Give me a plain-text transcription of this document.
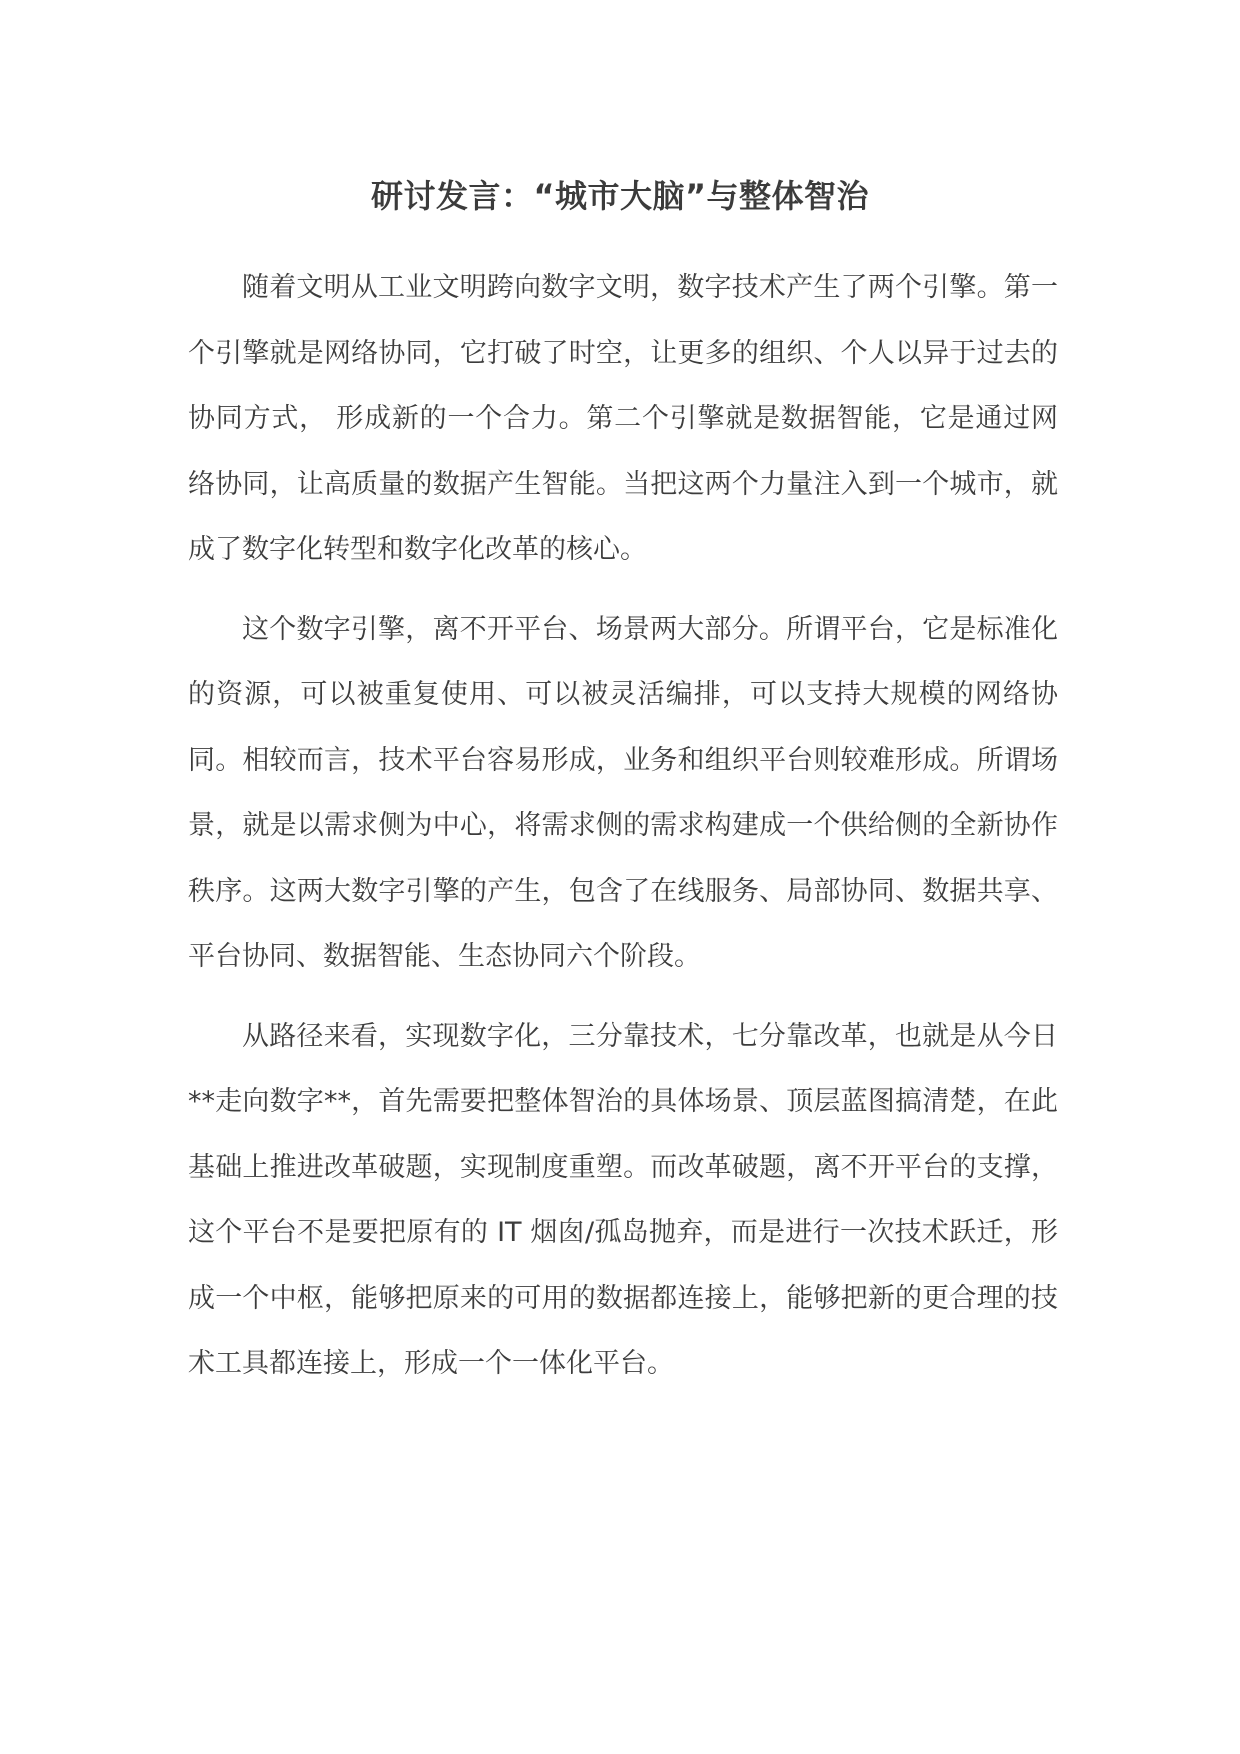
研讨发言：“城市大脑”与整体智治

随着文明从工业文明跨向数字文明，数字技术产生了两个引擎。第一个引擎就是网络协同，它打破了时空，让更多的组织、个人以异于过去的协同方式， 形成新的一个合力。第二个引擎就是数据智能，它是通过网络协同，让高质量的数据产生智能。当把这两个力量注入到一个城市，就成了数字化转型和数字化改革的核心。

这个数字引擎，离不开平台、场景两大部分。所谓平台，它是标准化的资源，可以被重复使用、可以被灵活编排，可以支持大规模的网络协同。相较而言，技术平台容易形成，业务和组织平台则较难形成。所谓场景，就是以需求侧为中心，将需求侧的需求构建成一个供给侧的全新协作秩序。这两大数字引擎的产生，包含了在线服务、局部协同、数据共享、平台协同、数据智能、生态协同六个阶段。

从路径来看，实现数字化，三分靠技术，七分靠改革，也就是从今日**走向数字**，首先需要把整体智治的具体场景、顶层蓝图搞清楚，在此基础上推进改革破题，实现制度重塑。而改革破题，离不开平台的支撑，这个平台不是要把原有的 IT 烟囱/孤岛抛弃，而是进行一次技术跃迁，形成一个中枢，能够把原来的可用的数据都连接上，能够把新的更合理的技术工具都连接上，形成一个一体化平台。
